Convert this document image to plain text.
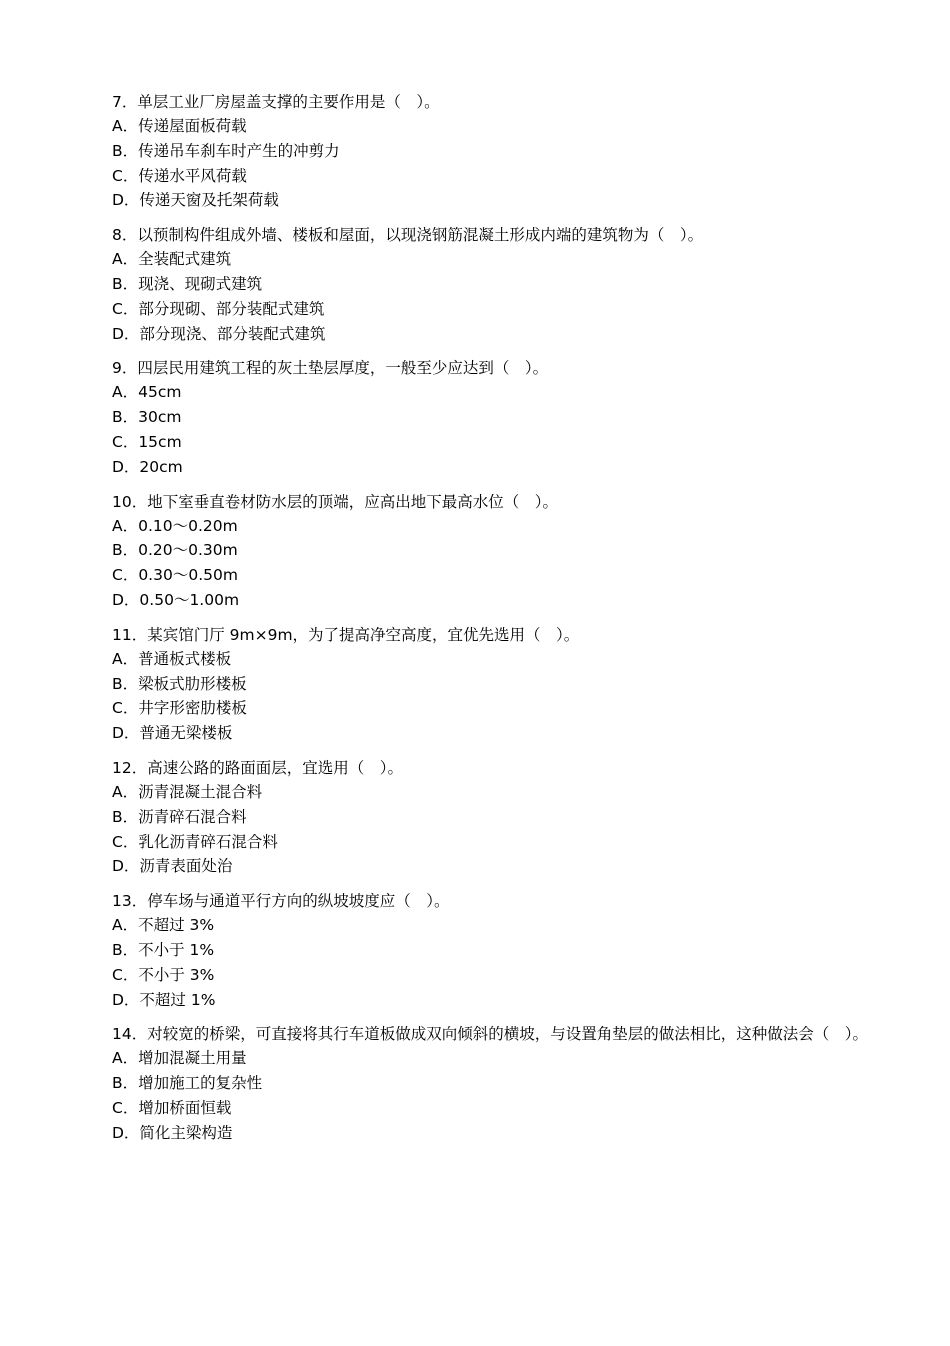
7．单层工业厂房屋盖支撑的主要作用是（　）。
A．传递屋面板荷载
B．传递吊车刹车时产生的冲剪力
C．传递水平风荷载
D．传递天窗及托架荷载
8．以预制构件组成外墙、楼板和屋面，以现浇钢筋混凝土形成内端的建筑物为（　）。
A．全装配式建筑
B．现浇、现砌式建筑
C．部分现砌、部分装配式建筑
D．部分现浇、部分装配式建筑
9．四层民用建筑工程的灰土垫层厚度，一般至少应达到（　）。
A．45cm
B．30cm
C．15cm
D．20cm
10．地下室垂直卷材防水层的顶端，应高出地下最高水位（　）。
A．0.10～0.20m
B．0.20～0.30m
C．0.30～0.50m
D．0.50～1.00m
11．某宾馆门厅 9m×9m，为了提高净空高度，宜优先选用（　）。
A．普通板式楼板
B．梁板式肋形楼板
C．井字形密肋楼板
D．普通无梁楼板
12．高速公路的路面面层，宜选用（　）。
A．沥青混凝土混合料
B．沥青碎石混合料
C．乳化沥青碎石混合料
D．沥青表面处治
13．停车场与通道平行方向的纵坡坡度应（　）。
A．不超过 3%
B．不小于 1%
C．不小于 3%
D．不超过 1%
14．对较宽的桥梁，可直接将其行车道板做成双向倾斜的横坡，与设置角垫层的做法相比，这种做法会（　）。
A．增加混凝土用量
B．增加施工的复杂性
C．增加桥面恒载
D．简化主梁构造
